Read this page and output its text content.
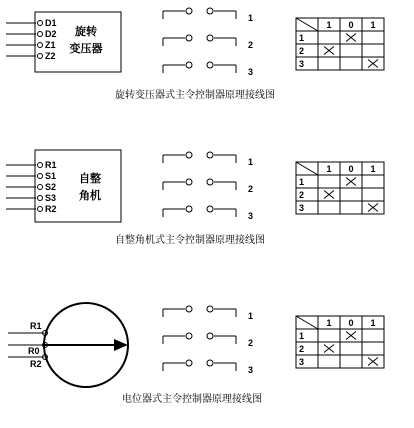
D1
D2
Z1
Z2
旋转
变压器
旋转变压器式主令控制器原理接线图
R1
S1
S2
S3
R2
自整
角机
自整角机式主令控制器原理接线图
R1
R0
R2
电位器式主令控制器原理接线图
1
2
3
1
2
3
1
2
3
1 0 1
1
2
3
1 0 1
1
2
3
1 0 1
1
2
3
